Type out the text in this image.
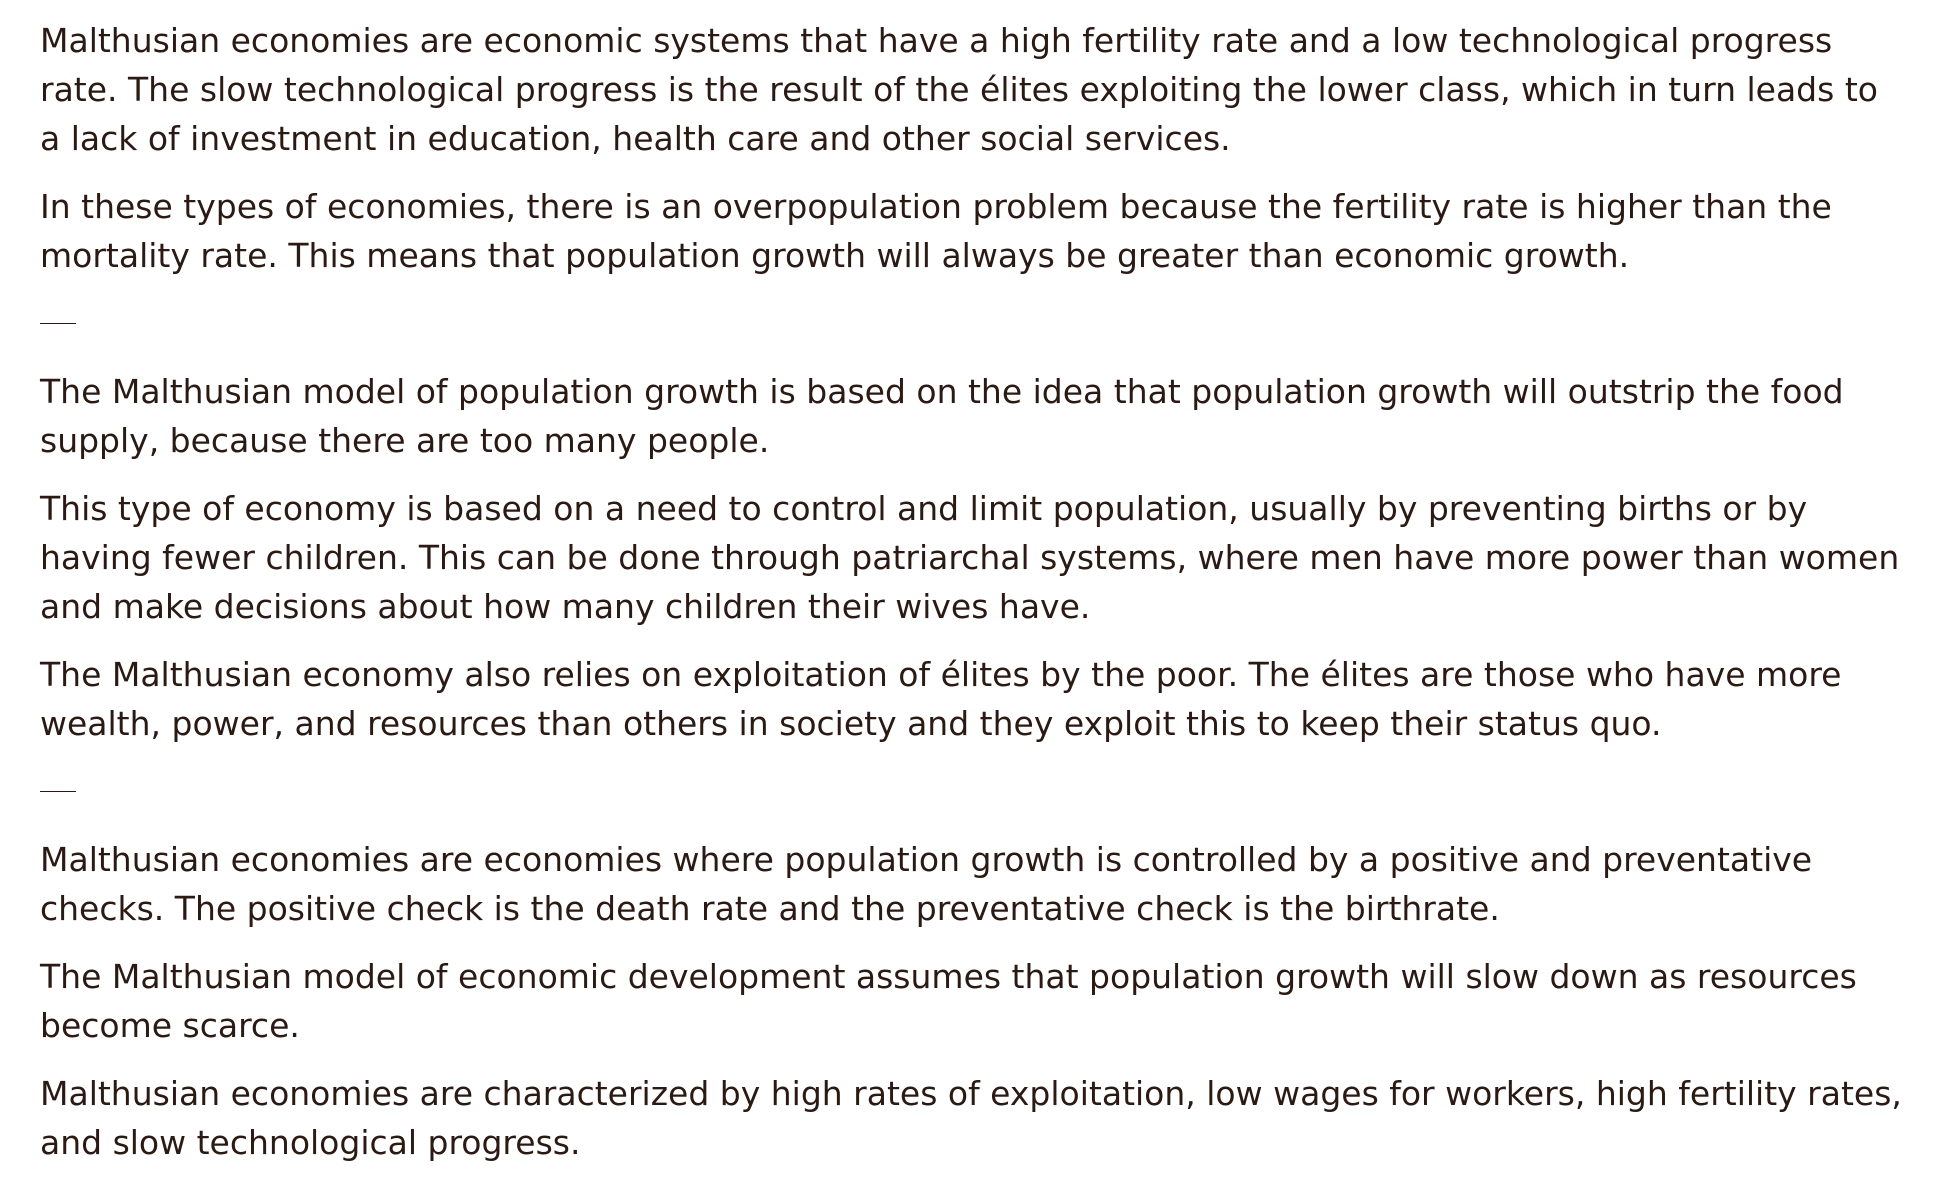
Malthusian economies are economic systems that have a high fertility rate and a low technological progress rate. The slow technological progress is the result of the élites exploiting the lower class, which in turn leads to a lack of investment in education, health care and other social services.

In these types of economies, there is an overpopulation problem because the fertility rate is higher than the mortality rate. This means that population growth will always be greater than economic growth.

The Malthusian model of population growth is based on the idea that population growth will outstrip the food supply, because there are too many people.

This type of economy is based on a need to control and limit population, usually by preventing births or by having fewer children. This can be done through patriarchal systems, where men have more power than women and make decisions about how many children their wives have.

The Malthusian economy also relies on exploitation of élites by the poor. The élites are those who have more wealth, power, and resources than others in society and they exploit this to keep their status quo.

Malthusian economies are economies where population growth is controlled by a positive and preventative checks. The positive check is the death rate and the preventative check is the birthrate.

The Malthusian model of economic development assumes that population growth will slow down as resources become scarce.

Malthusian economies are characterized by high rates of exploitation, low wages for workers, high fertility rates, and slow technological progress.
